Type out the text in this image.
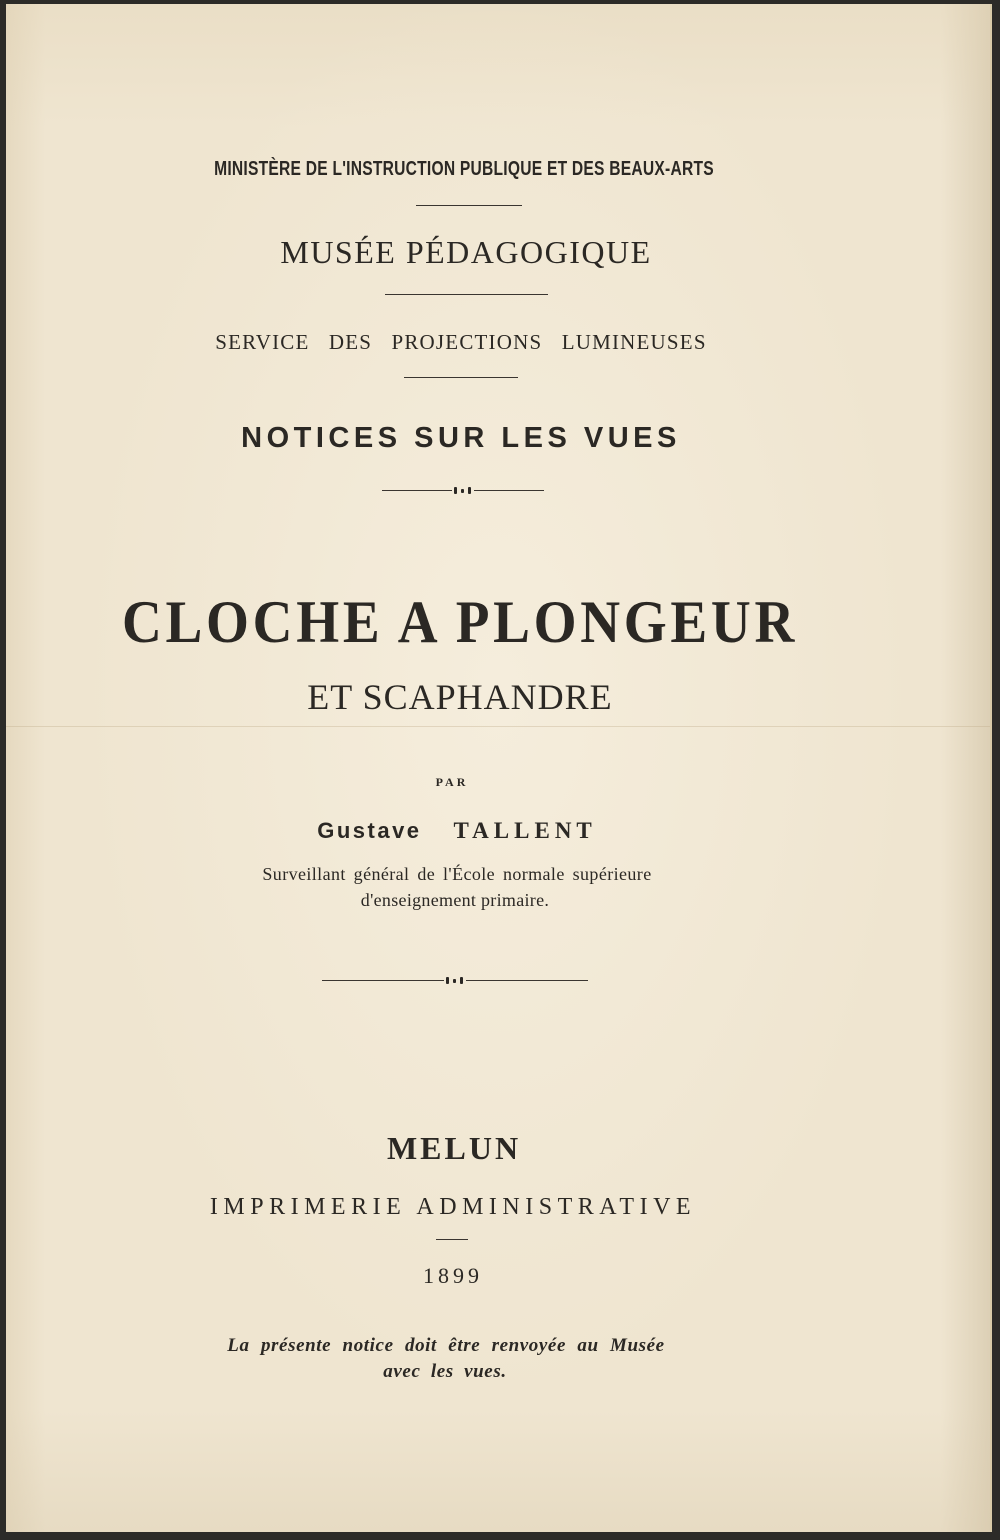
MINISTÈRE DE L'INSTRUCTION PUBLIQUE ET DES BEAUX-ARTS
MUSÉE PÉDAGOGIQUE
SERVICE   DES   PROJECTIONS   LUMINEUSES
NOTICES SUR LES VUES
CLOCHE A PLONGEUR
ET SCAPHANDRE
PAR
Gustave TALLENT
Surveillant général de l'École normale supérieure
d'enseignement primaire.
MELUN
IMPRIMERIE ADMINISTRATIVE
1899
La présente notice doit être renvoyée au Musée
avec les vues.
